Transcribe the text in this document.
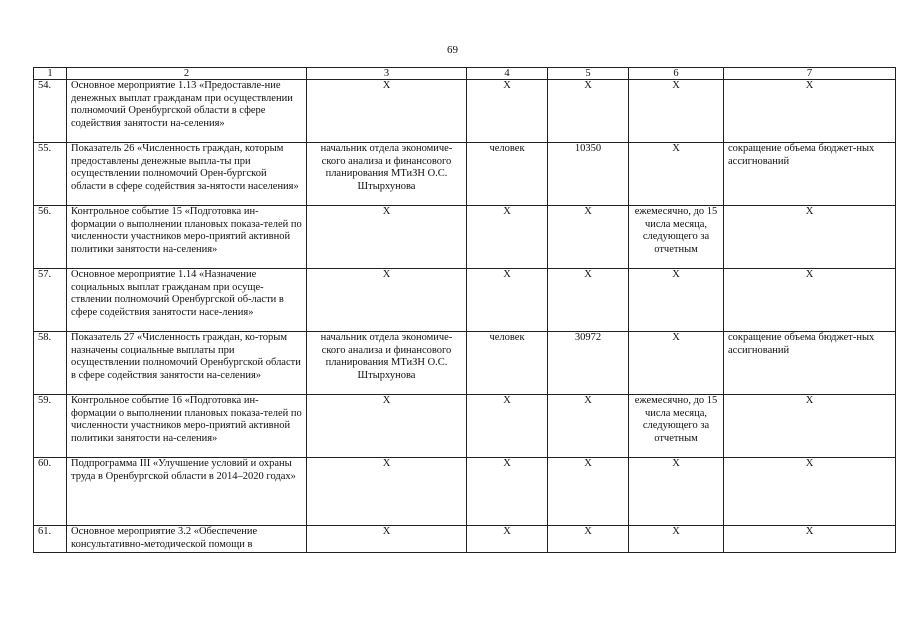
69
1	2	3	4	5	6	7
54.	Основное мероприятие 1.13 «Предоставле-ние денежных выплат гражданам при осуществлении полномочий Оренбургской области в сфере содействия занятости на-селения»	X	X	X	X	X
55.	Показатель 26 «Численность граждан, которым предоставлены денежные выпла-ты при осуществлении полномочий Орен-бургской области в сфере содействия за-нятости населения»	начальник отдела экономиче-ского анализа и финансового планирования МТиЗН О.С. Штырхунова	человек	10350	X	сокращение объема бюджет-ных ассигнований
56.	Контрольное событие 15 «Подготовка ин-формации о выполнении плановых показа-телей по численности участников меро-приятий активной политики занятости на-селения»	X	X	X	ежемесячно, до 15 числа месяца, следующего за отчетным	X
57.	Основное мероприятие 1.14 «Назначение социальных выплат гражданам при осуще-ствлении полномочий Оренбургской об-ласти в сфере содействия занятости насе-ления»	X	X	X	X	X
58.	Показатель 27 «Численность граждан, ко-торым назначены социальные выплаты при осуществлении полномочий Оренбургской области в сфере содействия занятости на-селения»	начальник отдела экономиче-ского анализа и финансового планирования МТиЗН О.С. Штырхунова	человек	30972	X	сокращение объема бюджет-ных ассигнований
59.	Контрольное событие 16 «Подготовка ин-формации о выполнении плановых показа-телей по численности участников меро-приятий активной политики занятости на-селения»	X	X	X	ежемесячно, до 15 числа месяца, следующего за отчетным	X
60.	Подпрограмма III «Улучшение условий и охраны труда в Оренбургской области в 2014–2020 годах»	X	X	X	X	X
61.	Основное мероприятие 3.2 «Обеспечение консультативно-методической помощи в	X	X	X	X	X
